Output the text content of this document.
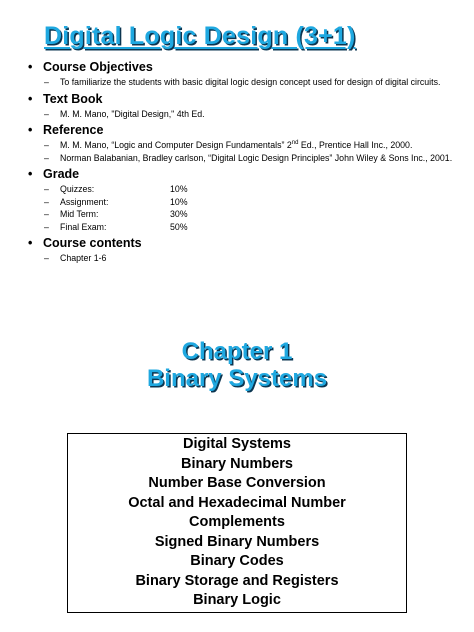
Digital Logic Design (3+1)
• Course Objectives
–	To familiarize the students with basic digital logic design concept used for design of digital circuits.
• Text Book
–	M. M. Mano, "Digital Design," 4th Ed.
• Reference
–	M. M. Mano, “Logic and Computer Design Fundamentals” 2nd Ed., Prentice Hall Inc., 2000.
–	Norman Balabanian, Bradley carlson, “Digital Logic Design Principles” John Wiley & Sons Inc., 2001.
• Grade
–	Quizzes:	10%
–	Assignment:	10%
–	Mid Term:	30%
–	Final Exam:	50%
• Course contents
–	Chapter 1-6
Chapter 1
Binary Systems
Digital Systems
Binary Numbers
Number Base Conversion
Octal and Hexadecimal Number
Complements
Signed Binary Numbers
Binary Codes
Binary Storage and Registers
Binary Logic
